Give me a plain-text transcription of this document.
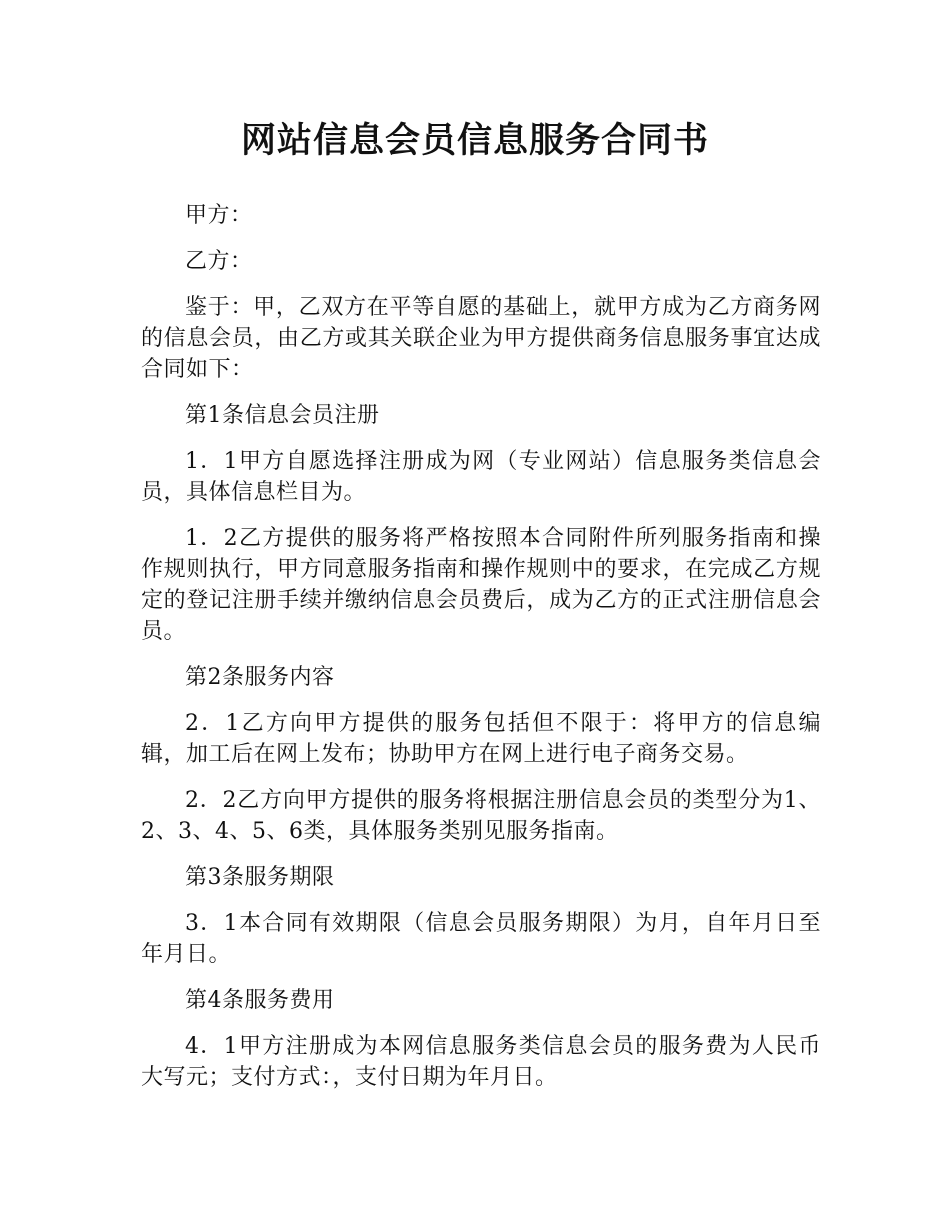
网站信息会员信息服务合同书

甲方：

乙方：

鉴于：甲，乙双方在平等自愿的基础上，就甲方成为乙方商务网的信息会员，由乙方或其关联企业为甲方提供商务信息服务事宜达成合同如下：

第1条信息会员注册

1．1甲方自愿选择注册成为网（专业网站）信息服务类信息会员，具体信息栏目为。

1．2乙方提供的服务将严格按照本合同附件所列服务指南和操作规则执行，甲方同意服务指南和操作规则中的要求，在完成乙方规定的登记注册手续并缴纳信息会员费后，成为乙方的正式注册信息会员。

第2条服务内容

2．1乙方向甲方提供的服务包括但不限于：将甲方的信息编辑，加工后在网上发布；协助甲方在网上进行电子商务交易。

2．2乙方向甲方提供的服务将根据注册信息会员的类型分为1、2、3、4、5、6类，具体服务类别见服务指南。

第3条服务期限

3．1本合同有效期限（信息会员服务期限）为月，自年月日至年月日。

第4条服务费用

4．1甲方注册成为本网信息服务类信息会员的服务费为人民币大写元；支付方式：，支付日期为年月日。
